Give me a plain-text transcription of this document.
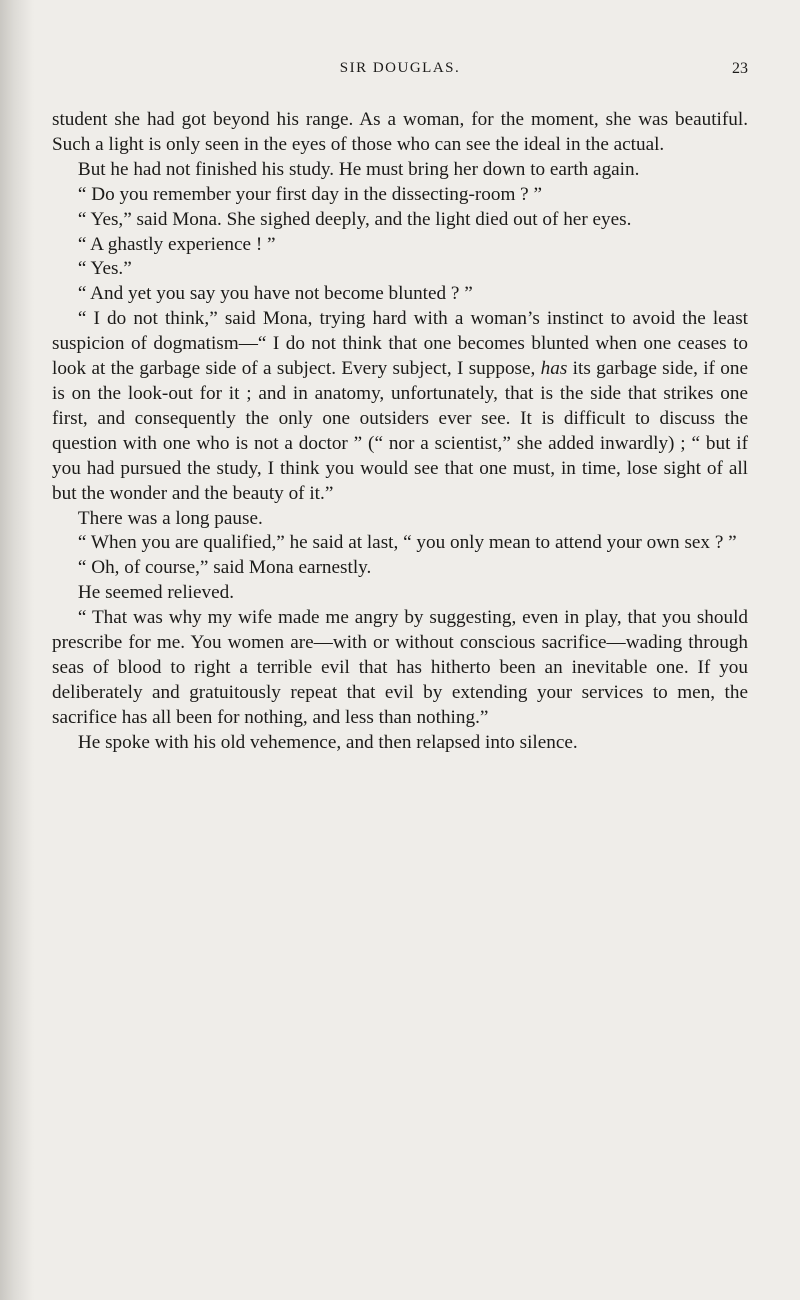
SIR DOUGLAS.	23

student she had got beyond his range. As a woman, for the moment, she was beautiful. Such a light is only seen in the eyes of those who can see the ideal in the actual.

But he had not finished his study. He must bring her down to earth again.

“ Do you remember your first day in the dissecting-room ? ”

“ Yes,” said Mona. She sighed deeply, and the light died out of her eyes.

“ A ghastly experience ! ”

“ Yes.”

“ And yet you say you have not become blunted ? ”

“ I do not think,” said Mona, trying hard with a woman’s instinct to avoid the least suspicion of dogmatism—“ I do not think that one becomes blunted when one ceases to look at the garbage side of a subject. Every subject, I suppose, has its garbage side, if one is on the look-out for it ; and in anatomy, unfortunately, that is the side that strikes one first, and consequently the only one outsiders ever see. It is difficult to discuss the question with one who is not a doctor ” (“ nor a scientist,” she added inwardly) ; “ but if you had pursued the study, I think you would see that one must, in time, lose sight of all but the wonder and the beauty of it.”

There was a long pause.

“ When you are qualified,” he said at last, “ you only mean to attend your own sex ? ”

“ Oh, of course,” said Mona earnestly.

He seemed relieved.

“ That was why my wife made me angry by suggesting, even in play, that you should prescribe for me. You women are—with or without conscious sacrifice—wading through seas of blood to right a terrible evil that has hitherto been an inevitable one. If you deliberately and gratuitously repeat that evil by extending your services to men, the sacrifice has all been for nothing, and less than nothing.”

He spoke with his old vehemence, and then relapsed into silence.
